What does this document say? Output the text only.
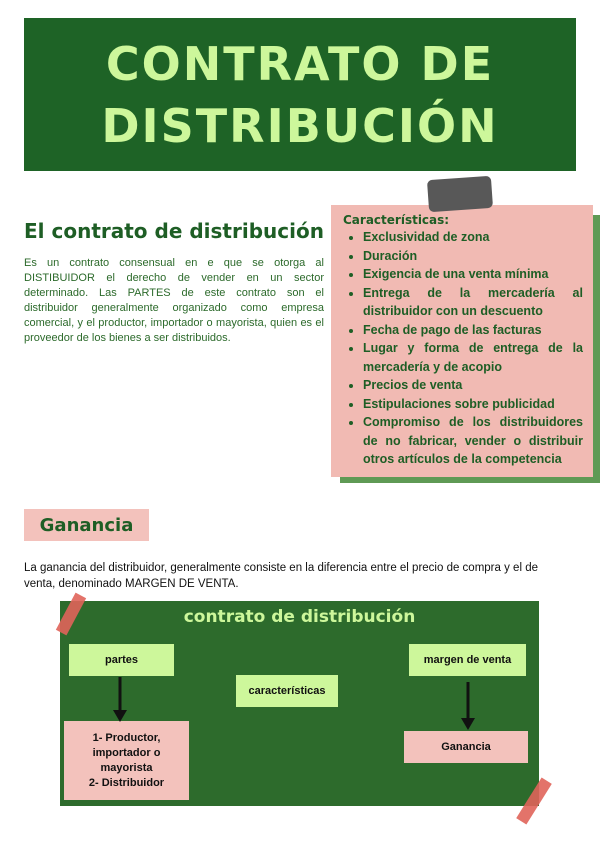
CONTRATO DE
DISTRIBUCIÓN
El contrato de distribución
Es un contrato consensual en e que se otorga al DISTIBUIDOR el derecho de vender en un sector determinado. Las PARTES de este contrato son el distribuidor generalmente organizado como empresa comercial, y el productor, importador o mayorista, quien es el proveedor de los bienes a ser distribuidos.
Características:
• Exclusividad de zona
• Duración
• Exigencia de una venta mínima
• Entrega de la mercadería al distribuidor con un descuento
• Fecha de pago de las facturas
• Lugar y forma de entrega de la mercadería y de acopio
• Precios de venta
• Estipulaciones sobre publicidad
• Compromiso de los distribuidores de no fabricar, vender o distribuir otros artículos de la competencia
Ganancia
La ganancia del distribuidor, generalmente consiste en la diferencia entre el precio de compra y el de venta, denominado MARGEN DE VENTA.
contrato de distribución
partes
características
margen de venta
1- Productor,
importador o
mayorista
2- Distribuidor
Ganancia
